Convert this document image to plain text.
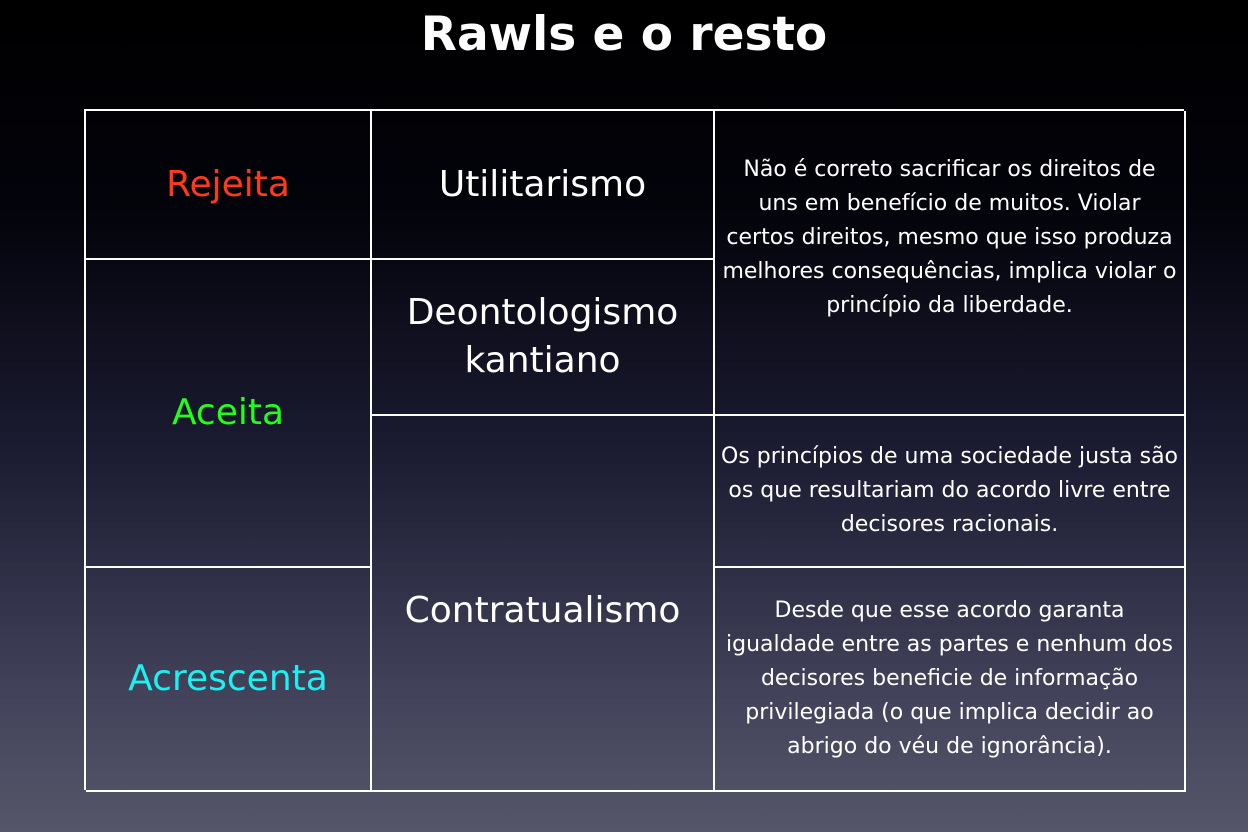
Rawls e o resto
Rejeita	Utilitarismo	Não é correto sacrificar os direitos de uns em benefício de muitos. Violar certos direitos, mesmo que isso produza melhores consequências, implica violar o princípio da liberdade.
Aceita
Deontologismo kantiano
Contratualismo
Os princípios de uma sociedade justa são os que resultariam do acordo livre entre decisores racionais.
Acrescenta
Desde que esse acordo garanta igualdade entre as partes e nenhum dos decisores beneficie de informação privilegiada (o que implica decidir ao abrigo do véu de ignorância).
